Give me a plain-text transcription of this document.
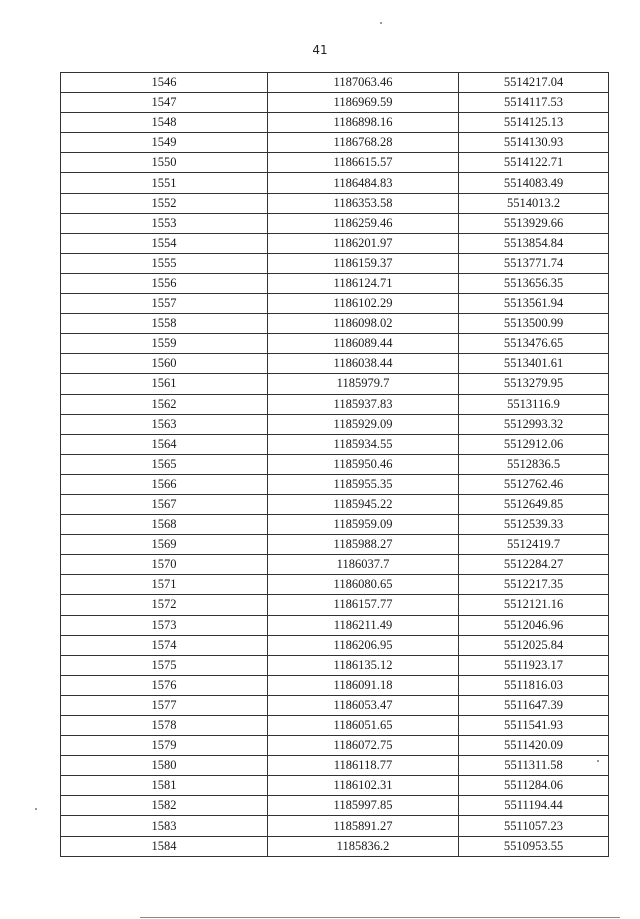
41
1546	1187063.46	5514217.04
1547	1186969.59	5514117.53
1548	1186898.16	5514125.13
1549	1186768.28	5514130.93
1550	1186615.57	5514122.71
1551	1186484.83	5514083.49
1552	1186353.58	5514013.2
1553	1186259.46	5513929.66
1554	1186201.97	5513854.84
1555	1186159.37	5513771.74
1556	1186124.71	5513656.35
1557	1186102.29	5513561.94
1558	1186098.02	5513500.99
1559	1186089.44	5513476.65
1560	1186038.44	5513401.61
1561	1185979.7	5513279.95
1562	1185937.83	5513116.9
1563	1185929.09	5512993.32
1564	1185934.55	5512912.06
1565	1185950.46	5512836.5
1566	1185955.35	5512762.46
1567	1185945.22	5512649.85
1568	1185959.09	5512539.33
1569	1185988.27	5512419.7
1570	1186037.7	5512284.27
1571	1186080.65	5512217.35
1572	1186157.77	5512121.16
1573	1186211.49	5512046.96
1574	1186206.95	5512025.84
1575	1186135.12	5511923.17
1576	1186091.18	5511816.03
1577	1186053.47	5511647.39
1578	1186051.65	5511541.93
1579	1186072.75	5511420.09
1580	1186118.77	5511311.58
1581	1186102.31	5511284.06
1582	1185997.85	5511194.44
1583	1185891.27	5511057.23
1584	1185836.2	5510953.55
